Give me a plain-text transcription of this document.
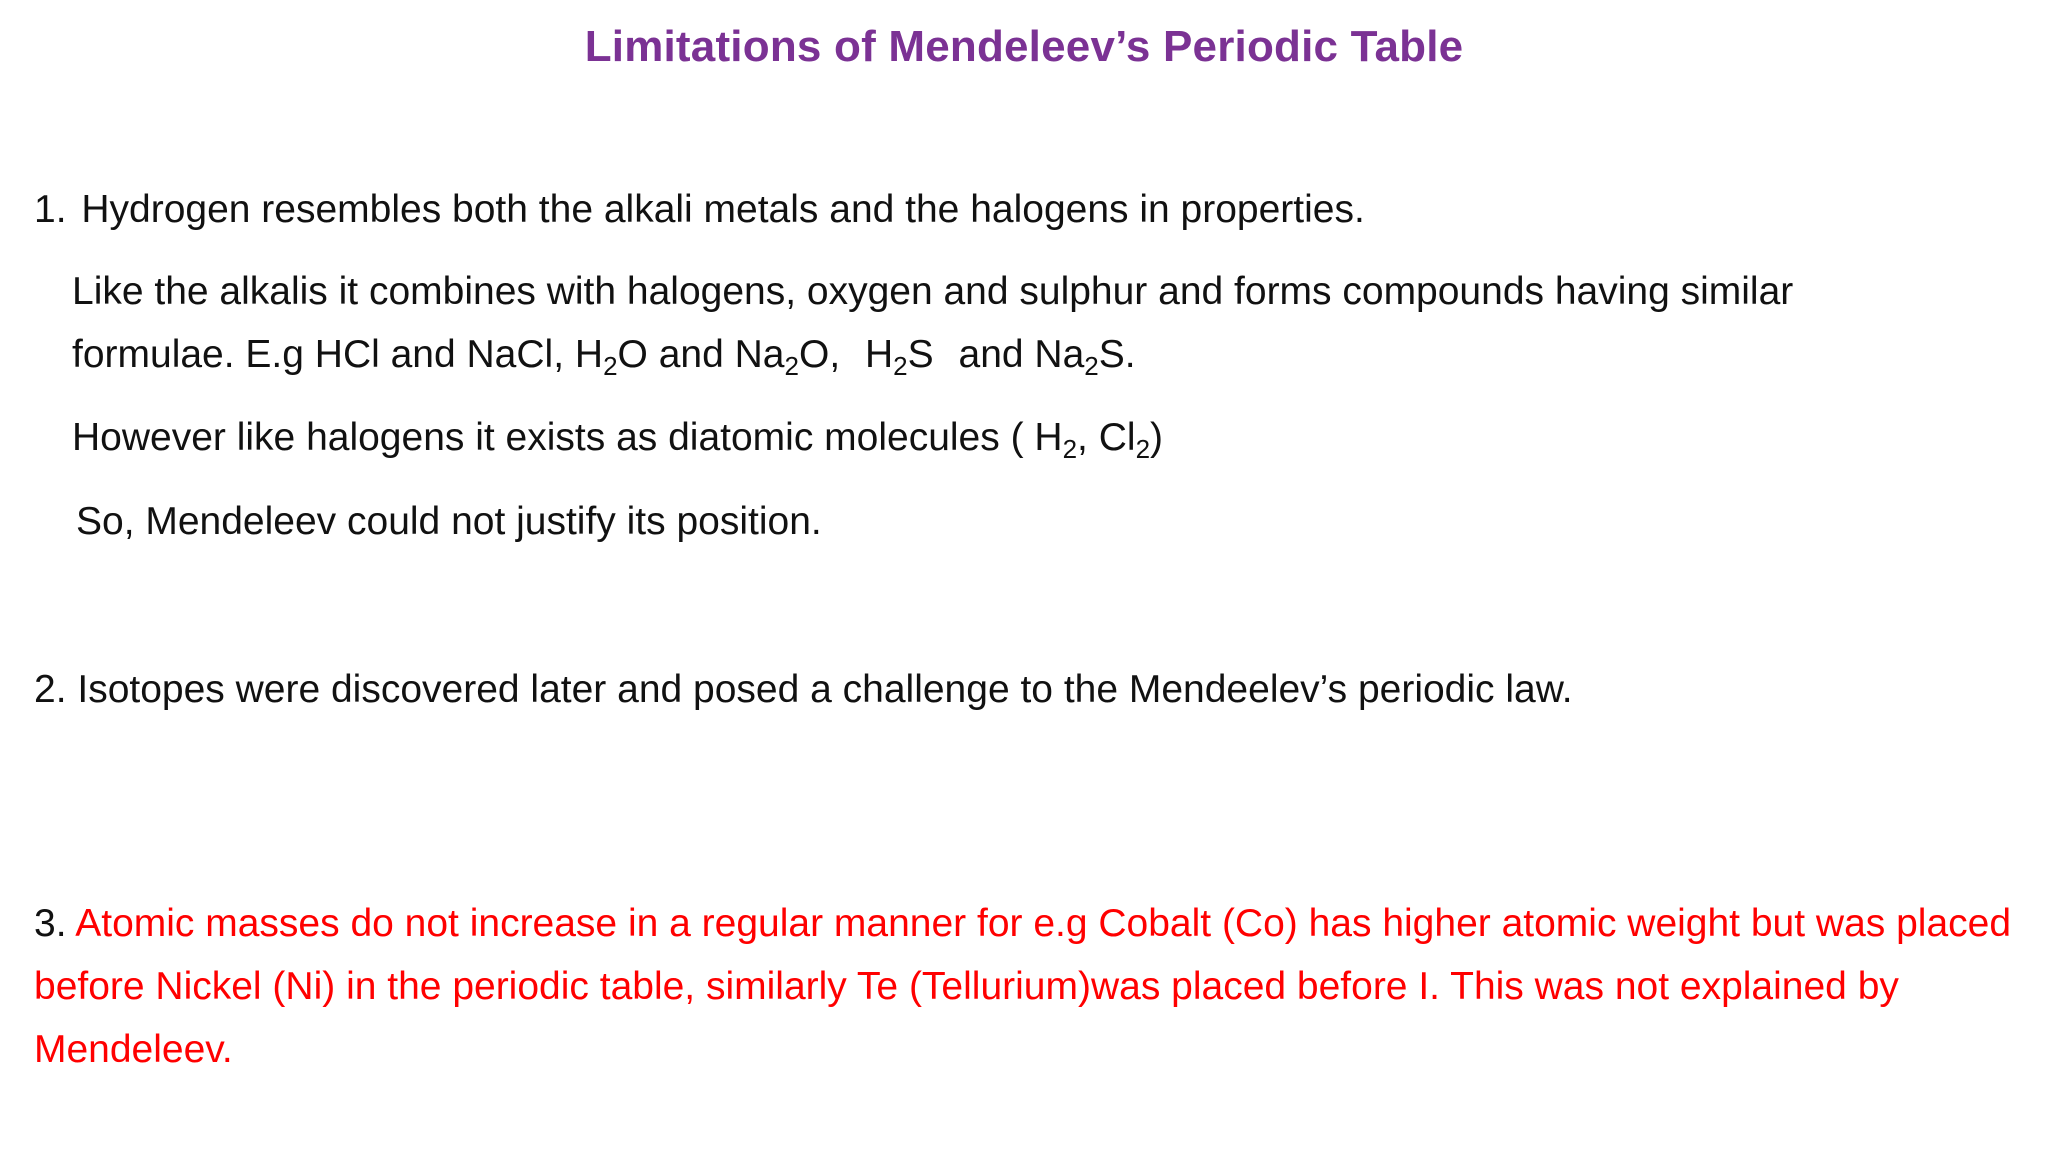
Limitations of Mendeleev’s Periodic Table
1. Hydrogen resembles both the alkali metals and the halogens in properties.
Like the alkalis it combines with halogens, oxygen and sulphur and forms compounds having similar
formulae. E.g HCl and NaCl, $H_2O$ and $Na_2O$, $H_2S$ and $Na_2S$.
However like halogens it exists as diatomic molecules ( $H_2$, $Cl_2$)
So, Mendeleev could not justify its position.
2. Isotopes were discovered later and posed a challenge to the Mendeelev’s periodic law.
3. Atomic masses do not increase in a regular manner for e.g Cobalt (Co) has higher atomic weight but was placed before Nickel (Ni) in the periodic table, similarly Te (Tellurium)was placed before I. This was not explained by Mendeleev.
